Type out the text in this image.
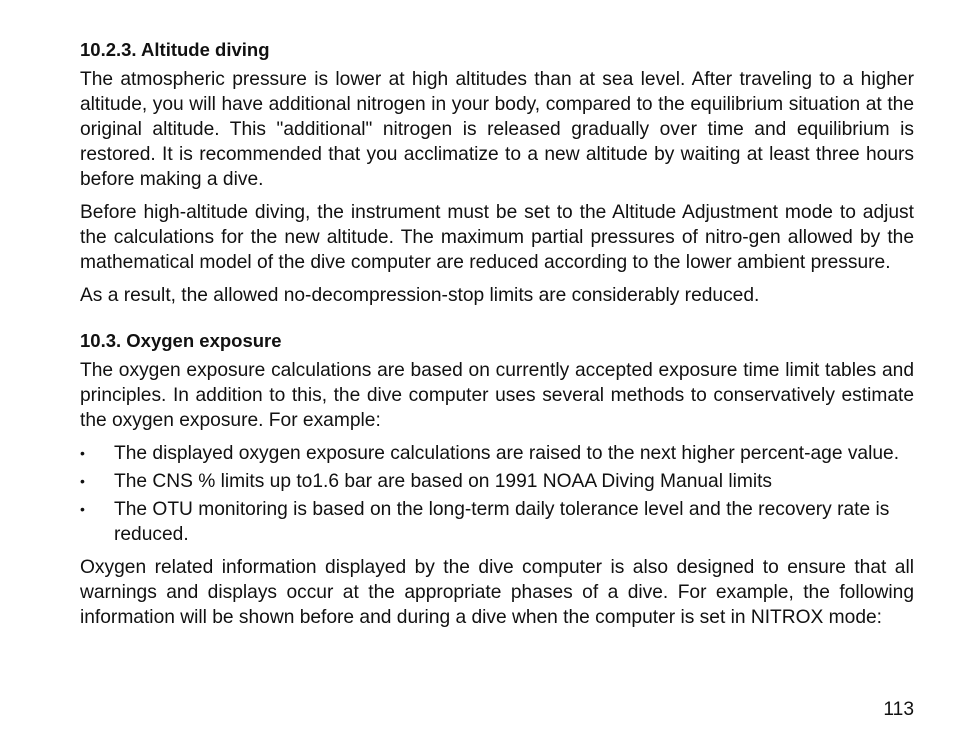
10.2.3. Altitude diving

The atmospheric pressure is lower at high altitudes than at sea level. After traveling to a higher altitude, you will have additional nitrogen in your body, compared to the equilibrium situation at the original altitude. This "additional" nitrogen is released gradually over time and equilibrium is restored. It is recommended that you acclimatize to a new altitude by waiting at least three hours before making a dive.

Before high-altitude diving, the instrument must be set to the Altitude Adjustment mode to adjust the calculations for the new altitude. The maximum partial pressures of nitro-gen allowed by the mathematical model of the dive computer are reduced according to the lower ambient pressure.

As a result, the allowed no-decompression-stop limits are considerably reduced.

10.3. Oxygen exposure

The oxygen exposure calculations are based on currently accepted exposure time limit tables and principles. In addition to this, the dive computer uses several methods to conservatively estimate the oxygen exposure. For example:

•	The displayed oxygen exposure calculations are raised to the next higher percent-age value.
•	The CNS % limits up to1.6 bar are based on 1991 NOAA Diving Manual limits
•	The OTU monitoring is based on the long-term daily tolerance level and the recovery rate is reduced.

Oxygen related information displayed by the dive computer is also designed to ensure that all warnings and displays occur at the appropriate phases of a dive. For example, the following information will be shown before and during a dive when the computer is set in NITROX mode:

113
